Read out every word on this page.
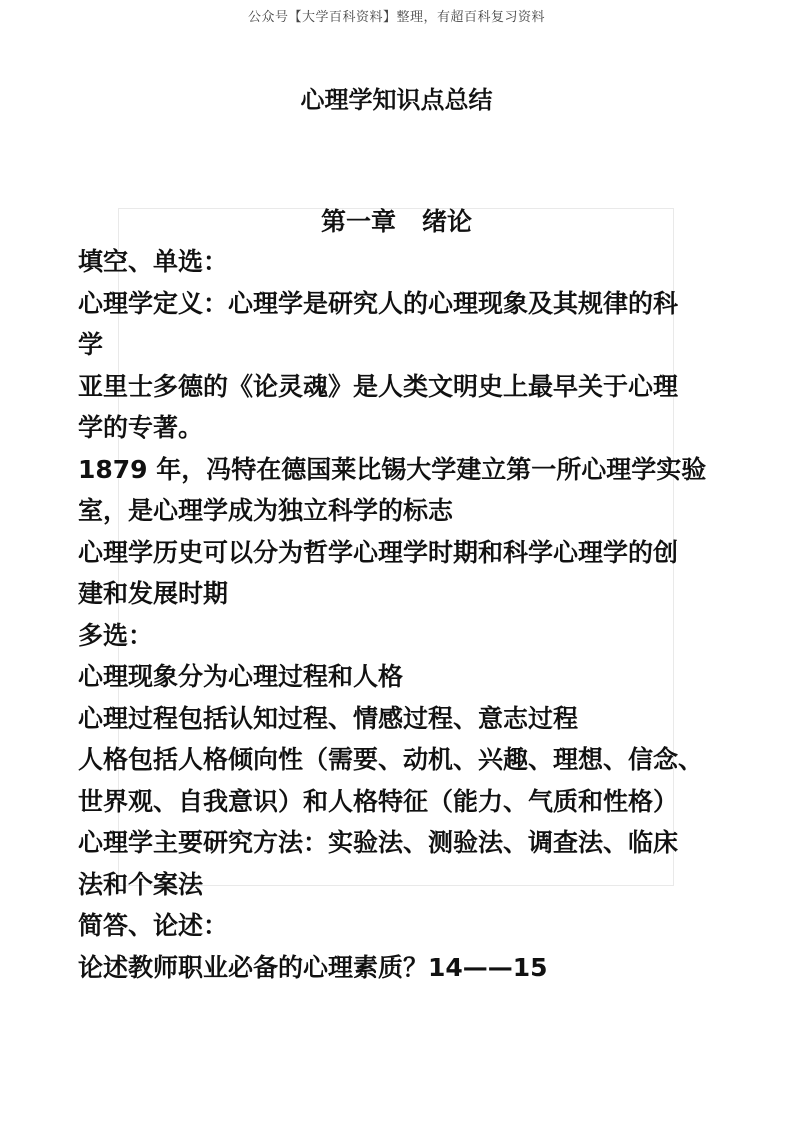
公众号【大学百科资料】整理，有超百科复习资料
心理学知识点总结
第一章   绪论
填空、单选：
心理学定义：心理学是研究人的心理现象及其规律的科
学
亚里士多德的《论灵魂》是人类文明史上最早关于心理
学的专著。
1879 年，冯特在德国莱比锡大学建立第一所心理学实验
室，是心理学成为独立科学的标志
心理学历史可以分为哲学心理学时期和科学心理学的创
建和发展时期
多选：
心理现象分为心理过程和人格
心理过程包括认知过程、情感过程、意志过程
人格包括人格倾向性（需要、动机、兴趣、理想、信念、
世界观、自我意识）和人格特征（能力、气质和性格）
心理学主要研究方法：实验法、测验法、调查法、临床
法和个案法
简答、论述：
论述教师职业必备的心理素质？14——15
